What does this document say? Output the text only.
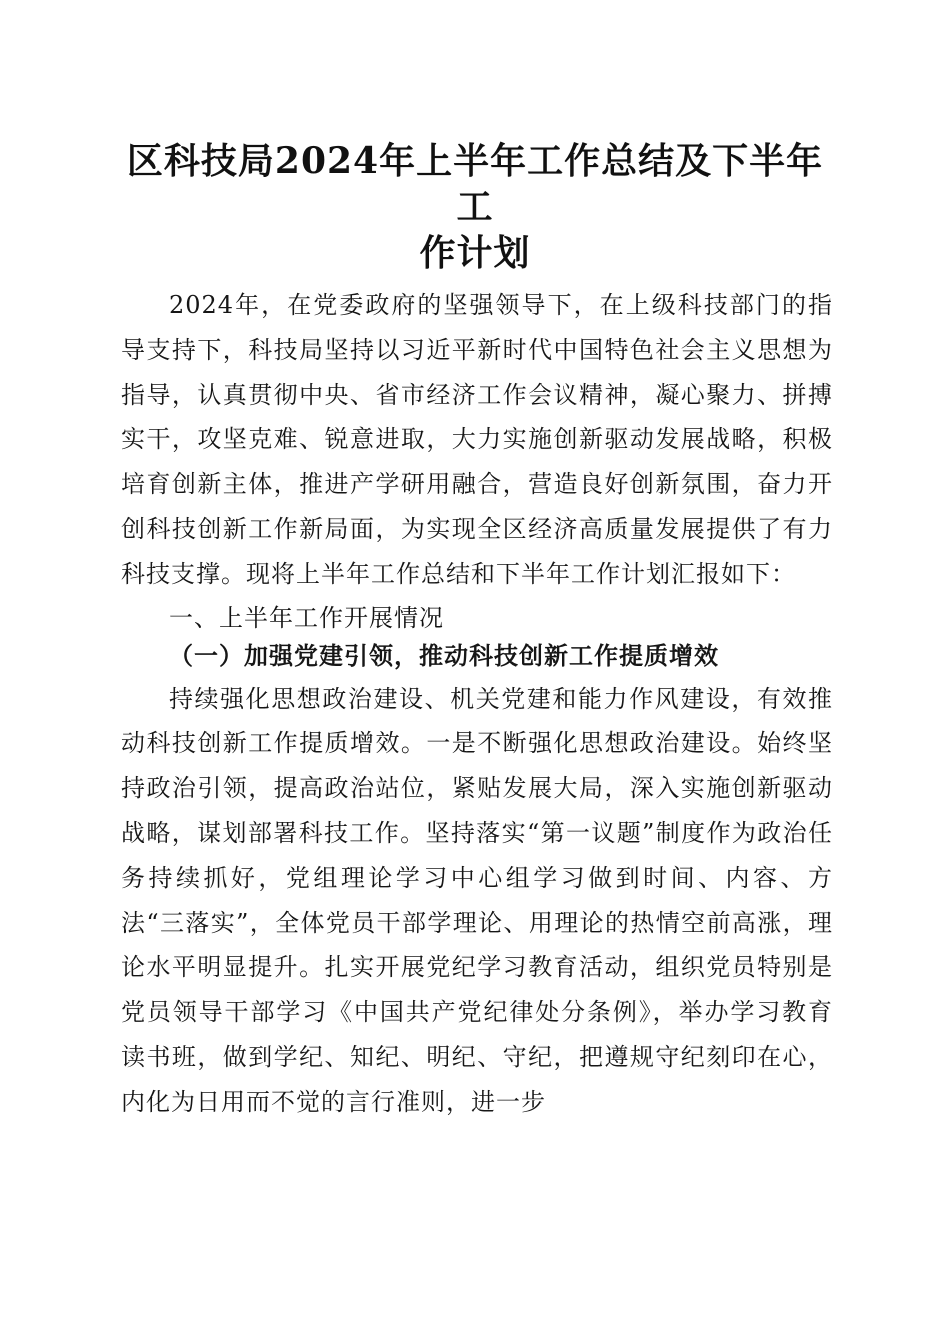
区科技局2024年上半年工作总结及下半年工
作计划

2024年，在党委政府的坚强领导下，在上级科技部门的指导支持下，科技局坚持以习近平新时代中国特色社会主义思想为指导，认真贯彻中央、省市经济工作会议精神，凝心聚力、拼搏实干，攻坚克难、锐意进取，大力实施创新驱动发展战略，积极培育创新主体，推进产学研用融合，营造良好创新氛围，奋力开创科技创新工作新局面，为实现全区经济高质量发展提供了有力科技支撑。现将上半年工作总结和下半年工作计划汇报如下：

一、上半年工作开展情况

（一）加强党建引领，推动科技创新工作提质增效

持续强化思想政治建设、机关党建和能力作风建设，有效推动科技创新工作提质增效。一是不断强化思想政治建设。始终坚持政治引领，提高政治站位，紧贴发展大局，深入实施创新驱动战略，谋划部署科技工作。坚持落实“第一议题”制度作为政治任务持续抓好，党组理论学习中心组学习做到时间、内容、方法“三落实”，全体党员干部学理论、用理论的热情空前高涨，理论水平明显提升。扎实开展党纪学习教育活动，组织党员特别是党员领导干部学习《中国共产党纪律处分条例》，举办学习教育读书班，做到学纪、知纪、明纪、守纪，把遵规守纪刻印在心，内化为日用而不觉的言行准则，进一步
